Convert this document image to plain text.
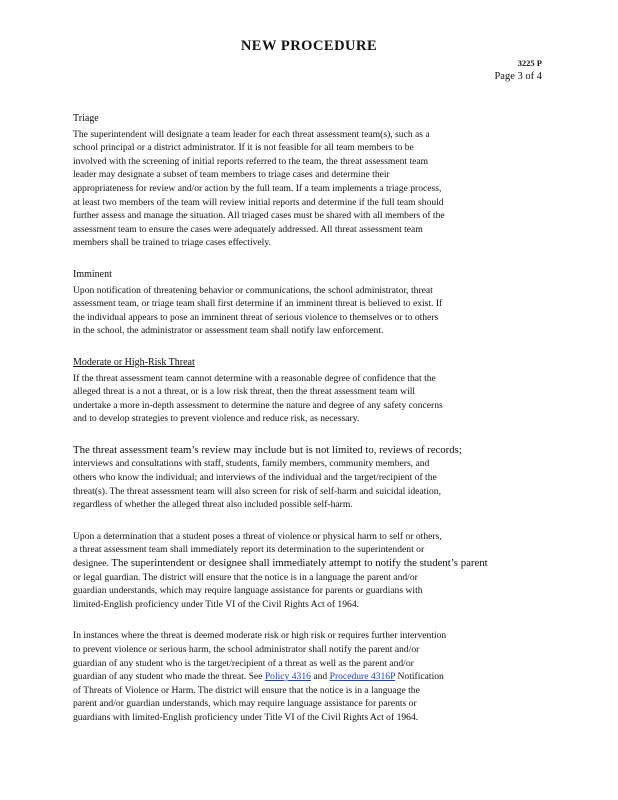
NEW PROCEDURE
3225 P
Page 3 of 4
Triage
The superintendent will designate a team leader for each threat assessment team(s), such as a
school principal or a district administrator. If it is not feasible for all team members to be
involved with the screening of initial reports referred to the team, the threat assessment team
leader may designate a subset of team members to triage cases and determine their
appropriateness for review and/or action by the full team. If a team implements a triage process,
at least two members of the team will review initial reports and determine if the full team should
further assess and manage the situation. All triaged cases must be shared with all members of the
assessment team to ensure the cases were adequately addressed. All threat assessment team
members shall be trained to triage cases effectively.
Imminent
Upon notification of threatening behavior or communications, the school administrator, threat
assessment team, or triage team shall first determine if an imminent threat is believed to exist. If
the individual appears to pose an imminent threat of serious violence to themselves or to others
in the school, the administrator or assessment team shall notify law enforcement.
Moderate or High-Risk Threat
If the threat assessment team cannot determine with a reasonable degree of confidence that the
alleged threat is a not a threat, or is a low risk threat, then the threat assessment team will
undertake a more in-depth assessment to determine the nature and degree of any safety concerns
and to develop strategies to prevent violence and reduce risk, as necessary.
The threat assessment team’s review may include but is not limited to, reviews of records;
interviews and consultations with staff, students, family members, community members, and
others who know the individual; and interviews of the individual and the target/recipient of the
threat(s). The threat assessment team will also screen for risk of self-harm and suicidal ideation,
regardless of whether the alleged threat also included possible self-harm.
Upon a determination that a student poses a threat of violence or physical harm to self or others,
a threat assessment team shall immediately report its determination to the superintendent or
designee. The superintendent or designee shall immediately attempt to notify the student’s parent
or legal guardian. The district will ensure that the notice is in a language the parent and/or
guardian understands, which may require language assistance for parents or guardians with
limited-English proficiency under Title VI of the Civil Rights Act of 1964.
In instances where the threat is deemed moderate risk or high risk or requires further intervention
to prevent violence or serious harm, the school administrator shall notify the parent and/or
guardian of any student who is the target/recipient of a threat as well as the parent and/or
guardian of any student who made the threat. See Policy 4316 and Procedure 4316P Notification
of Threats of Violence or Harm. The district will ensure that the notice is in a language the
parent and/or guardian understands, which may require language assistance for parents or
guardians with limited-English proficiency under Title VI of the Civil Rights Act of 1964.
